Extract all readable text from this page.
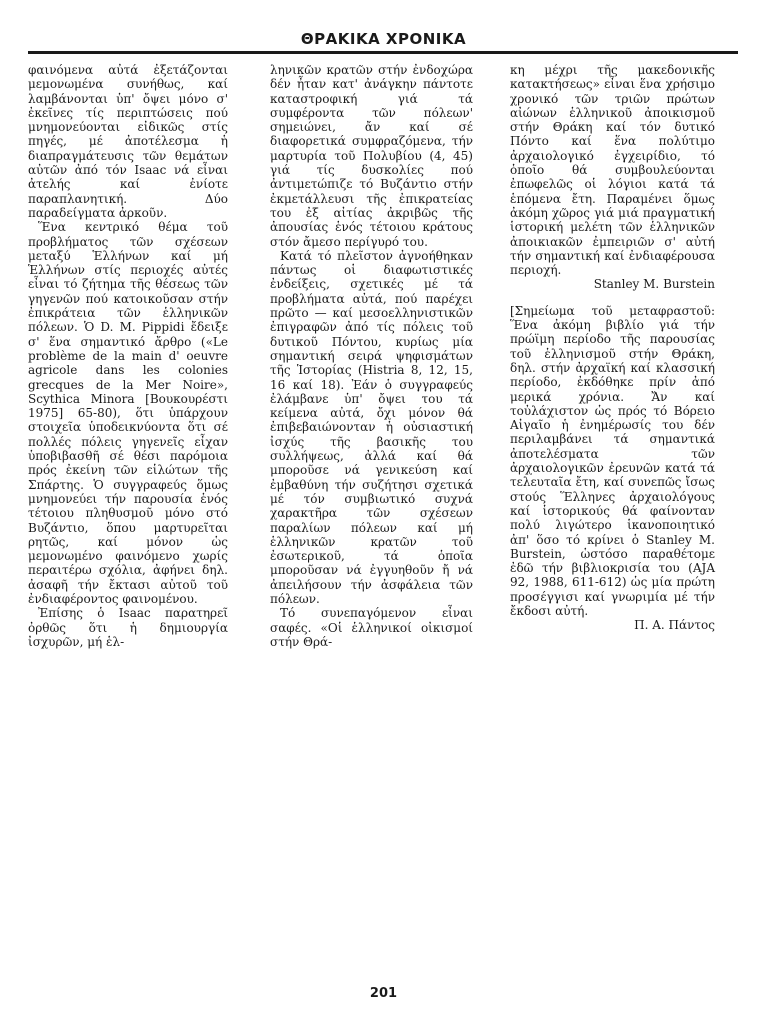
ΘΡΑΚΙΚΑ ΧΡΟΝΙΚΑ

φαινόμενα αὐτά ἐξετάζονται μεμονωμένα συνήθως, καί λαμβάνονται ὑπ' ὄψει μόνο σ' ἐκεῖνες τίς περιπτώσεις πού μνημονεύονται εἰδικῶς στίς πηγές, μέ ἀποτέλεσμα ἡ διαπραγμάτευσις τῶν θεμάτων αὐτῶν ἀπό τόν Isaac νά εἶναι ἀτελής καί ἐνίοτε παραπλανητική. Δύο παραδείγματα ἀρκοῦν.

Ἕνα κεντρικό θέμα τοῦ προβλήματος τῶν σχέσεων μεταξύ Ἑλλήνων καί μή Ἑλλήνων στίς περιοχές αὐτές εἶναι τό ζήτημα τῆς θέσεως τῶν γηγενῶν πού κατοικοῦσαν στήν ἐπικράτεια τῶν ἑλληνικῶν πόλεων. Ὁ D. M. Pippidi ἔδειξε σ' ἕνα σημαντικό ἄρθρο («Le problème de la main d' oeuvre agricole dans les colonies grecques de la Mer Noire», Scythica Minora [Βουκουρέστι 1975] 65-80), ὅτι ὑπάρχουν στοιχεῖα ὑποδεικνύοντα ὅτι σέ πολλές πόλεις γηγενεῖς εἶχαν ὑποβιβασθῆ σέ θέσι παρόμοια πρός ἐκείνη τῶν εἱλώτων τῆς Σπάρτης. Ὁ συγγραφεύς ὅμως μνημονεύει τήν παρουσία ἑνός τέτοιου πληθυσμοῦ μόνο στό Βυζάντιο, ὅπου μαρτυρεῖται ρητῶς, καί μόνον ὡς μεμονωμένο φαινόμενο χωρίς περαιτέρω σχόλια, ἀφήνει δηλ. ἀσαφῆ τήν ἔκτασι αὐτοῦ τοῦ ἐνδιαφέροντος φαινομένου.

Ἐπίσης ὁ Isaac παρατηρεῖ ὀρθῶς ὅτι ἡ δημιουργία ἰσχυρῶν, μή ἑλ-

ληνικῶν κρατῶν στήν ἐνδοχώρα δέν ἦταν κατ' ἀνάγκην πάντοτε καταστροφική γιά τά συμφέροντα τῶν πόλεων' σημειώνει, ἄν καί σέ διαφορετικά συμφραζόμενα, τήν μαρτυρία τοῦ Πολυβίου (4, 45) γιά τίς δυσκολίες πού ἀντιμετώπιζε τό Βυζάντιο στήν ἐκμετάλλευσι τῆς ἐπικρατείας του ἐξ αἰτίας ἀκριβῶς τῆς ἀπουσίας ἑνός τέτοιου κράτους στόν ἄμεσο περίγυρό του.

Κατά τό πλεῖστον ἀγνοήθηκαν πάντως οἱ διαφωτιστικές ἐνδείξεις, σχετικές μέ τά προβλήματα αὐτά, πού παρέχει πρῶτο — καί μεσοελληνιστικῶν ἐπιγραφῶν ἀπό τίς πόλεις τοῦ δυτικοῦ Πόντου, κυρίως μία σημαντική σειρά ψηφισμάτων τῆς Ἱστορίας (Histria 8, 12, 15, 16 καί 18). Ἐάν ὁ συγγραφεύς ἐλάμβανε ὑπ' ὄψει του τά κείμενα αὐτά, ὄχι μόνον θά ἐπιβεβαιώνονταν ἡ οὐσιαστική ἰσχύς τῆς βασικῆς του συλλήψεως, ἀλλά καί θά μποροῦσε νά γενικεύση καί ἐμβαθύνη τήν συζήτησι σχετικά μέ τόν συμβιωτικό συχνά χαρακτῆρα τῶν σχέσεων παραλίων πόλεων καί μή ἑλληνικῶν κρατῶν τοῦ ἐσωτερικοῦ, τά ὁποῖα μποροῦσαν νά ἐγγυηθοῦν ἤ νά ἀπειλήσουν τήν ἀσφάλεια τῶν πόλεων.

Τό συνεπαγόμενον εἶναι σαφές. «Οἱ ἑλληνικοί οἰκισμοί στήν Θρά-

κη μέχρι τῆς μακεδονικῆς κατακτήσεως» εἶναι ἕνα χρήσιμο χρονικό τῶν τριῶν πρώτων αἰώνων ἑλληνικοῦ ἀποικισμοῦ στήν Θράκη καί τόν δυτικό Πόντο καί ἕνα πολύτιμο ἀρχαιολογικό ἐγχειρίδιο, τό ὁποῖο θά συμβουλεύονται ἐπωφελῶς οἱ λόγιοι κατά τά ἑπόμενα ἔτη. Παραμένει ὅμως ἀκόμη χῶρος γιά μιά πραγματική ἱστορική μελέτη τῶν ἑλληνικῶν ἀποικιακῶν ἐμπειριῶν σ' αὐτή τήν σημαντική καί ἐνδιαφέρουσα περιοχή.

Stanley M. Burstein

[Σημείωμα τοῦ μεταφραστοῦ: Ἕνα ἀκόμη βιβλίο γιά τήν πρώϊμη περίοδο τῆς παρουσίας τοῦ ἑλληνισμοῦ στήν Θράκη, δηλ. στήν ἀρχαϊκή καί κλασσική περίοδο, ἐκδόθηκε πρίν ἀπό μερικά χρόνια. Ἄν καί τοὐλάχιστον ὡς πρός τό Βόρειο Αἰγαῖο ἡ ἐνημέρωσίς του δέν περιλαμβάνει τά σημαντικά ἀποτελέσματα τῶν ἀρχαιολογικῶν ἐρευνῶν κατά τά τελευταῖα ἔτη, καί συνεπῶς ἴσως στούς Ἕλληνες ἀρχαιολόγους καί ἱστορικούς θά φαίνονταν πολύ λιγώτερο ἱκανοποιητικό ἀπ' ὅσο τό κρίνει ὁ Stanley M. Burstein, ὡστόσο παραθέτομε ἐδῶ τήν βιβλιοκρισία του (AJA 92, 1988, 611-612) ὡς μία πρώτη προσέγγισι καί γνωριμία μέ τήν ἔκδοσι αὐτή.

Π. Α. Πάντος

201
